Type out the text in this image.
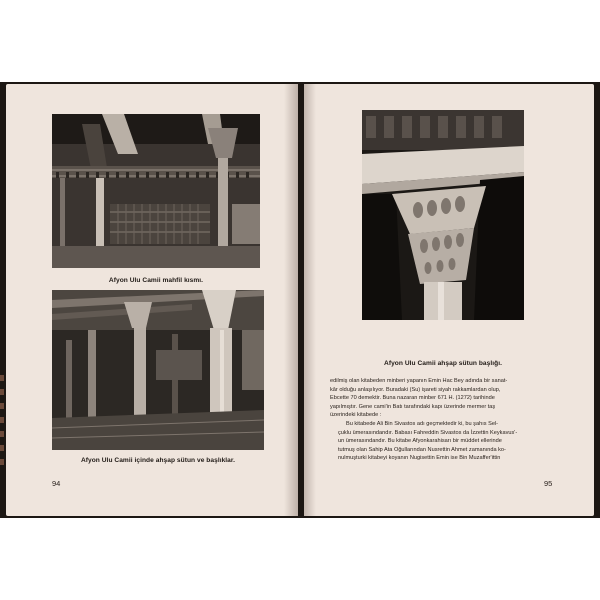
Afyon Ulu Camii mahfil kısmı.
Afyon Ulu Camii içinde ahşap sütun ve başlıklar.
94
Afyon Ulu Camii ahşap sütun başlığı.

edilmiş olan kitabeden minberi yapanın Emin Hac Bey adında bir sanat-
kâr olduğu anlaşılıyor. Buradaki (Su) işareti siyah rakkamlardan olup,
Ebcette 70 demektir. Buna nazaran minber 671 H. (1272) tarihinde
yapılmıştır. Gene cami'in Batı tarafındaki kapı üzerinde mermer taş
üzerindeki kitabede :

Bu kitabede Ali Bin Sivastos adı geçmektedir ki, bu şahıs Sel-
çuklu ümerasındandır. Babası Fahreddin Sivastos da İzzettin Keykavus'-
un ümerasındandır. Bu kitabe Afyonkarahisarı bir müddet ellerinde
tutmuş olan Sahip Ata Oğullarından Nusrettin Ahmet zamanında ko-
nulmuşturki kitabeyi koyanın Nugisettin Emin ise Bin Muzaffer'ittin

95
